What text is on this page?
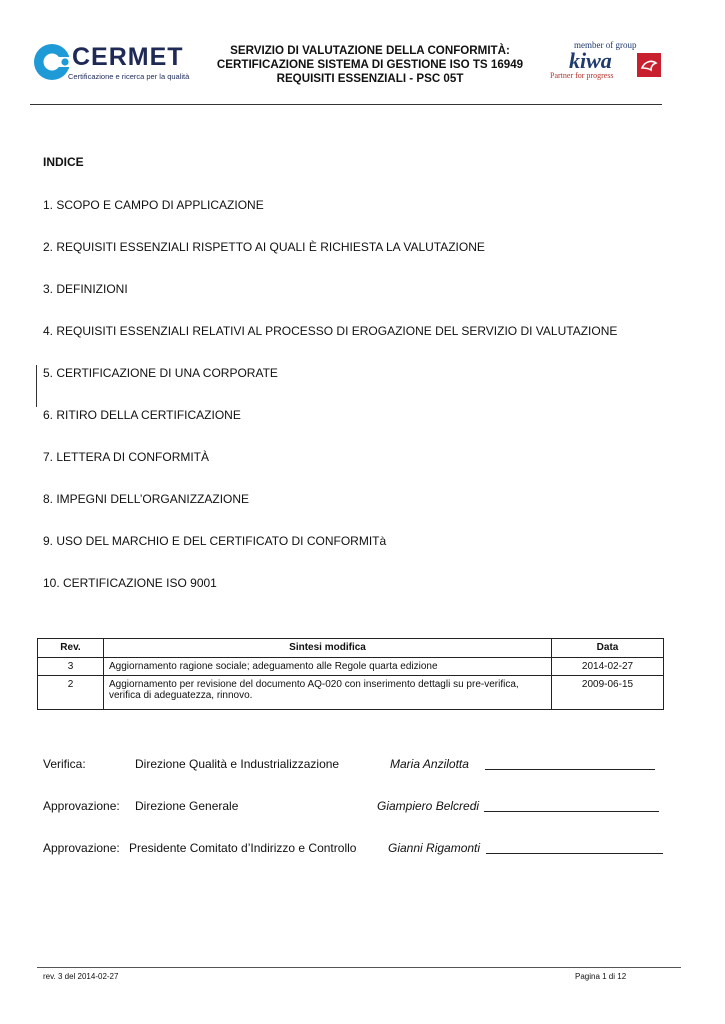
CERMET
Certificazione e ricerca per la qualità
SERVIZIO DI VALUTAZIONE DELLA CONFORMITÀ:
CERTIFICAZIONE SISTEMA DI GESTIONE ISO TS 16949
REQUISITI ESSENZIALI - PSC 05T
member of group
kiwa
Partner for progress
INDICE
1. SCOPO E CAMPO DI APPLICAZIONE
2. REQUISITI ESSENZIALI RISPETTO AI QUALI È RICHIESTA LA VALUTAZIONE
3. DEFINIZIONI
4. REQUISITI ESSENZIALI RELATIVI AL PROCESSO DI EROGAZIONE DEL SERVIZIO DI VALUTAZIONE
5. CERTIFICAZIONE DI UNA CORPORATE
6. RITIRO DELLA CERTIFICAZIONE
7. LETTERA DI CONFORMITÀ
8. IMPEGNI DELL’ORGANIZZAZIONE
9. USO DEL MARCHIO E DEL CERTIFICATO DI CONFORMITà
10. CERTIFICAZIONE ISO 9001
Rev.	Sintesi modifica	Data
3	Aggiornamento ragione sociale; adeguamento alle Regole quarta edizione	2014-02-27
2	Aggiornamento per revisione del documento AQ-020 con inserimento dettagli su pre-verifica, verifica di adeguatezza, rinnovo.	2009-06-15
Verifica:	Direzione Qualità e Industrializzazione	Maria Anzilotta
Approvazione: Direzione Generale	Giampiero Belcredi
Approvazione: Presidente Comitato d’Indirizzo e Controllo	Gianni Rigamonti
rev. 3 del 2014-02-27	Pagina 1 di 12
